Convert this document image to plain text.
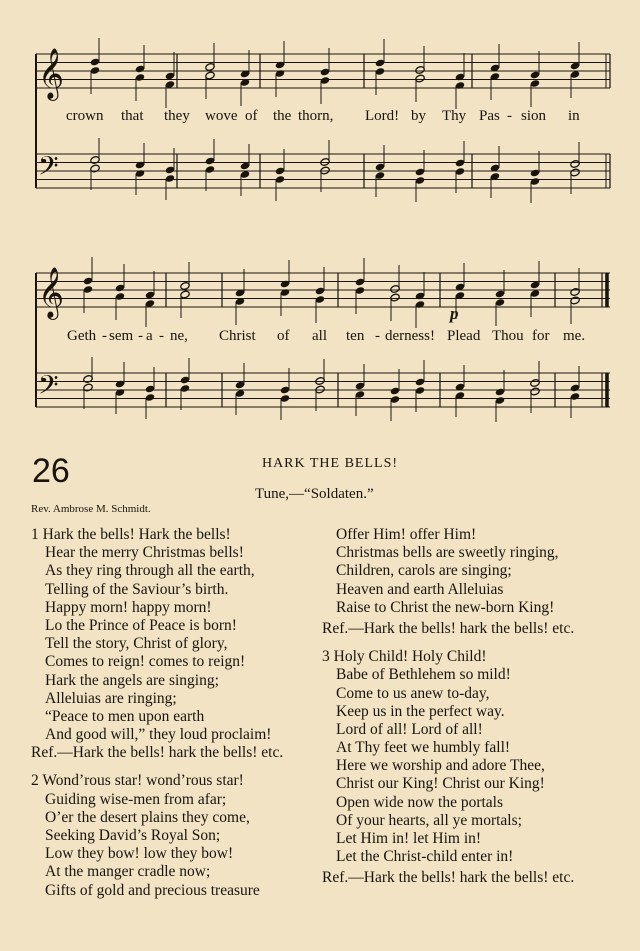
𝄞
𝄢
𝄞
𝄢
crown that they wove of the thorn, Lord! by Thy Pas - sion in
Geth - sem - a - ne, Christ of all ten - derness! Plead Thou for me.
p
26	HARK THE BELLS!
Tune,—“Soldaten.”
Rev. Ambrose M. Schmidt.
1 Hark the bells! Hark the bells!
Hear the merry Christmas bells!
As they ring through all the earth,
Telling of the Saviour’s birth.
Happy morn! happy morn!
Lo the Prince of Peace is born!
Tell the story, Christ of glory,
Comes to reign! comes to reign!
Hark the angels are singing;
Alleluias are ringing;
“Peace to men upon earth
And good will,” they loud proclaim!
Ref.—Hark the bells! hark the bells! etc.
2 Wond’rous star! wond’rous star!
Guiding wise-men from afar;
O’er the desert plains they come,
Seeking David’s Royal Son;
Low they bow! low they bow!
At the manger cradle now;
Gifts of gold and precious treasure
Offer Him! offer Him!
Christmas bells are sweetly ringing,
Children, carols are singing;
Heaven and earth Alleluias
Raise to Christ the new-born King!
Ref.—Hark the bells! hark the bells! etc.
3 Holy Child! Holy Child!
Babe of Bethlehem so mild!
Come to us anew to-day,
Keep us in the perfect way.
Lord of all! Lord of all!
At Thy feet we humbly fall!
Here we worship and adore Thee,
Christ our King! Christ our King!
Open wide now the portals
Of your hearts, all ye mortals;
Let Him in! let Him in!
Let the Christ-child enter in!
Ref.—Hark the bells! hark the bells! etc.
